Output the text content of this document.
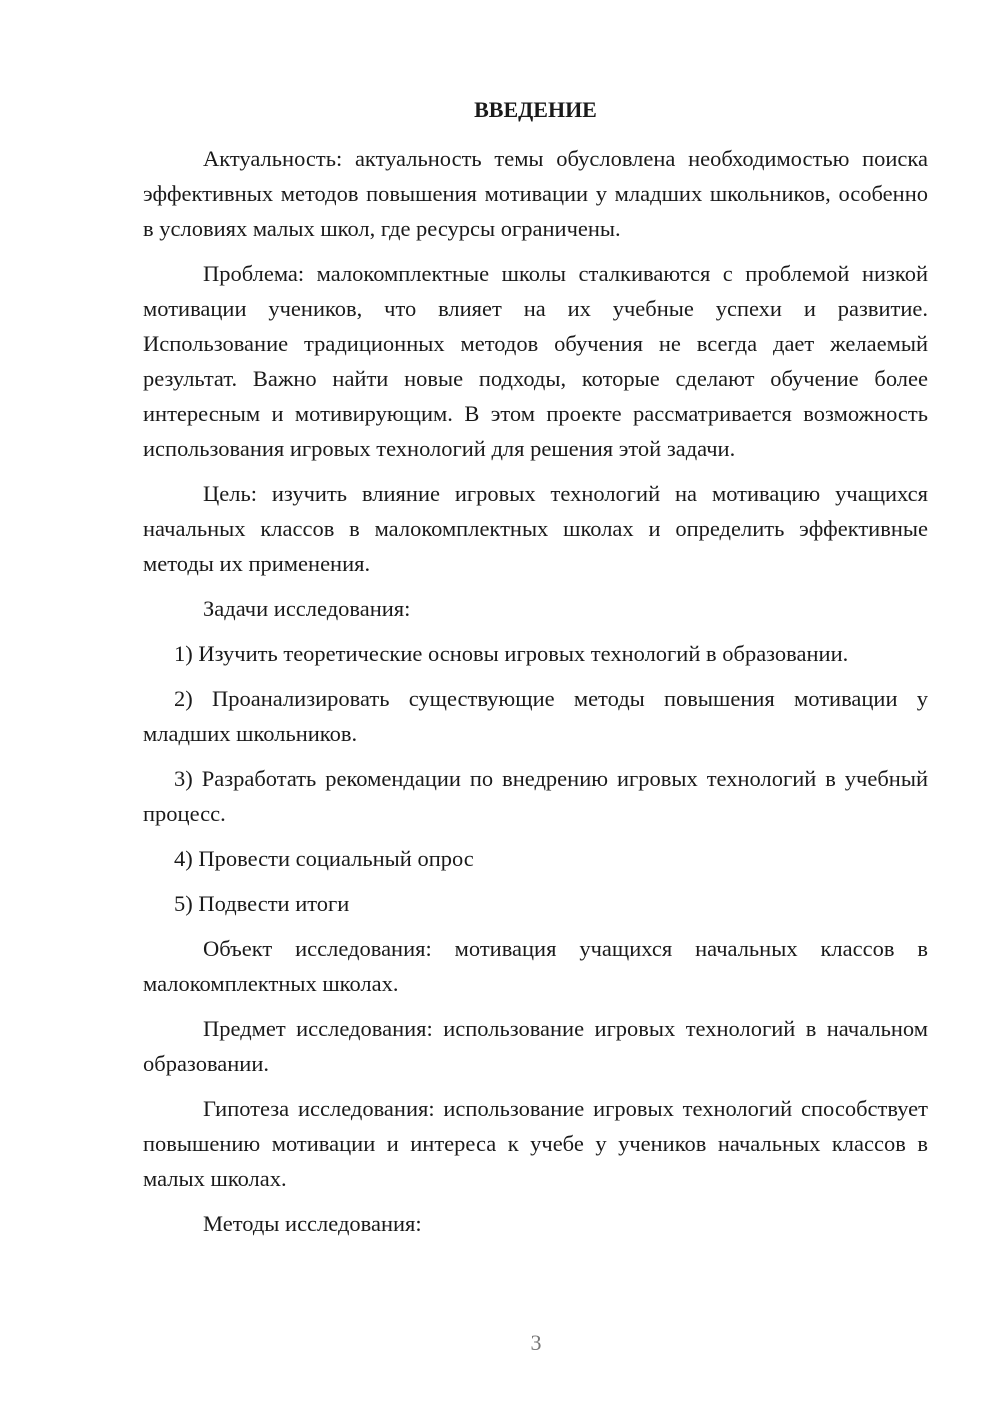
ВВЕДЕНИЕ

Актуальность: актуальность темы обусловлена необходимостью поиска эффективных методов повышения мотивации у младших школьников, особенно в условиях малых школ, где ресурсы ограничены.

Проблема: малокомплектные школы сталкиваются с проблемой низкой мотивации учеников, что влияет на их учебные успехи и развитие. Использование традиционных методов обучения не всегда дает желаемый результат. Важно найти новые подходы, которые сделают обучение более интересным и мотивирующим. В этом проекте рассматривается возможность использования игровых технологий для решения этой задачи.

Цель: изучить влияние игровых технологий на мотивацию учащихся начальных классов в малокомплектных школах и определить эффективные методы их применения.

Задачи исследования:

1) Изучить теоретические основы игровых технологий в образовании.

2) Проанализировать существующие методы повышения мотивации у младших школьников.

3) Разработать рекомендации по внедрению игровых технологий в учебный процесс.

4) Провести социальный опрос

5) Подвести итоги

Объект исследования: мотивация учащихся начальных классов в малокомплектных школах.

Предмет исследования: использование игровых технологий в начальном образовании.

Гипотеза исследования: использование игровых технологий способствует повышению мотивации и интереса к учебе у учеников начальных классов в малых школах.

Методы исследования:

3
